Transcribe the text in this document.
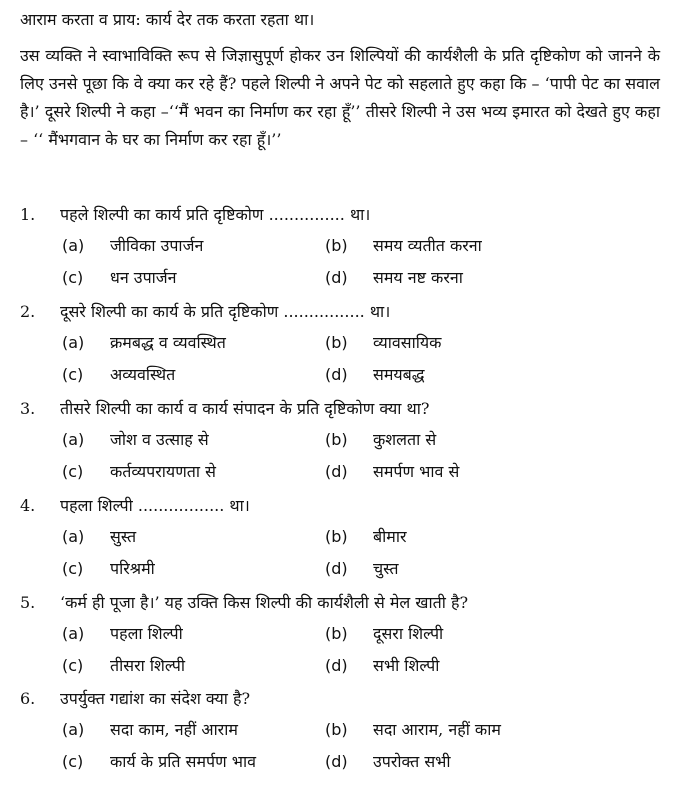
आराम करता व प्राय: कार्य देर तक करता रहता था।

उस व्यक्ति ने स्वाभाविक्ति रूप से जिज्ञासुपूर्ण होकर उन शिल्पियों की कार्यशैली के प्रति दृष्टिकोण को जानने के लिए उनसे पूछा कि वे क्या कर रहे हैं? पहले शिल्पी ने अपने पेट को सहलाते हुए कहा कि – ‘पापी पेट का सवाल है।’ दूसरे शिल्पी ने कहा –‘‘मैं भवन का निर्माण कर रहा हूँ’’ तीसरे शिल्पी ने उस भव्य इमारत को देखते हुए कहा – ‘‘ मैंभगवान के घर का निर्माण कर रहा हूँ।’’

1. पहले शिल्पी का कार्य प्रति दृष्टिकोण ............... था।
(a) जीविका उपार्जन	(b) समय व्यतीत करना
(c) धन उपार्जन	(d) समय नष्ट करना
2. दूसरे शिल्पी का कार्य के प्रति दृष्टिकोण ................ था।
(a) क्रमबद्ध व व्यवस्थित	(b) व्यावसायिक
(c) अव्यवस्थित	(d) समयबद्ध
3. तीसरे शिल्पी का कार्य व कार्य संपादन के प्रति दृष्टिकोण क्या था?
(a) जोश व उत्साह से	(b) कुशलता से
(c) कर्तव्यपरायणता से	(d) समर्पण भाव से
4. पहला शिल्पी ................. था।
(a) सुस्त	(b) बीमार
(c) परिश्रमी	(d) चुस्त
5. ‘कर्म ही पूजा है।’ यह उक्ति किस शिल्पी की कार्यशैली से मेल खाती है?
(a) पहला शिल्पी	(b) दूसरा शिल्पी
(c) तीसरा शिल्पी	(d) सभी शिल्पी
6. उपर्युक्त गद्यांश का संदेश क्या है?
(a) सदा काम, नहीं आराम	(b) सदा आराम, नहीं काम
(c) कार्य के प्रति समर्पण भाव	(d) उपरोक्त सभी
